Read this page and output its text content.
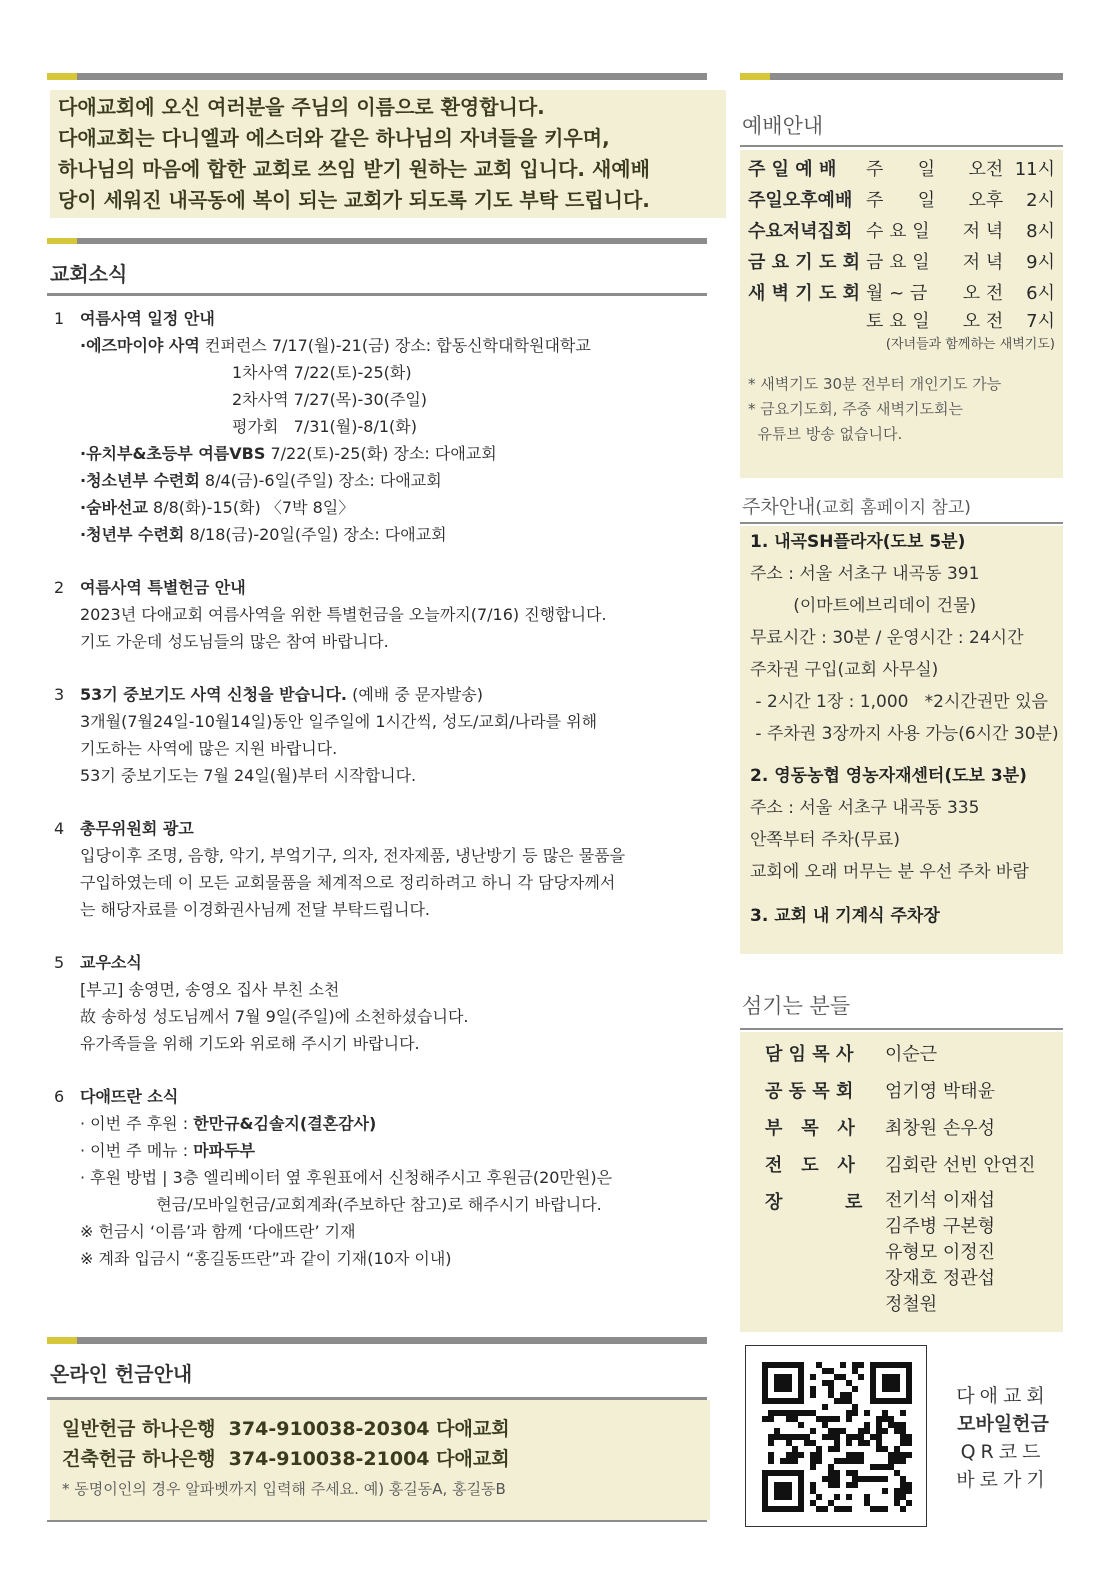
다애교회에 오신 여러분을 주님의 이름으로 환영합니다.
다애교회는 다니엘과 에스더와 같은 하나님의 자녀들을 키우며,
하나님의 마음에 합한 교회로 쓰임 받기 원하는 교회 입니다. 새예배
당이 세워진 내곡동에 복이 되는 교회가 되도록 기도 부탁 드립니다.
교회소식
1 여름사역 일정 안내
·에즈마이야 사역 컨퍼런스 7/17(월)-21(금) 장소: 합동신학대학원대학교
1차사역 7/22(토)-25(화)
2차사역 7/27(목)-30(주일)
평가회   7/31(월)-8/1(화)
·유치부&초등부 여름VBS 7/22(토)-25(화) 장소: 다애교회
·청소년부 수련회 8/4(금)-6일(주일) 장소: 다애교회
·숨바선교 8/8(화)-15(화) 〈7박 8일〉
·청년부 수련회 8/18(금)-20일(주일) 장소: 다애교회
2 여름사역 특별헌금 안내
2023년 다애교회 여름사역을 위한 특별헌금을 오늘까지(7/16) 진행합니다.
기도 가운데 성도님들의 많은 참여 바랍니다.
3 53기 중보기도 사역 신청을 받습니다. (예배 중 문자발송)
3개월(7월24일-10월14일)동안 일주일에 1시간씩, 성도/교회/나라를 위해
기도하는 사역에 많은 지원 바랍니다.
53기 중보기도는 7월 24일(월)부터 시작합니다.
4 총무위원회 광고
입당이후 조명, 음향, 악기, 부엌기구, 의자, 전자제품, 냉난방기 등 많은 물품을
구입하였는데 이 모든 교회물품을 체계적으로 정리하려고 하니 각 담당자께서
는 해당자료를 이경화권사님께 전달 부탁드립니다.
5 교우소식
[부고] 송영면, 송영오 집사 부친 소천
故 송하성 성도님께서 7월 9일(주일)에 소천하셨습니다.
유가족들을 위해 기도와 위로해 주시기 바랍니다.
6 다애뜨란 소식
· 이번 주 후원 : 한만규&김솔지(결혼감사)
· 이번 주 메뉴 : 마파두부
· 후원 방법 | 3층 엘리베이터 옆 후원표에서 신청해주시고 후원금(20만원)은
현금/모바일헌금/교회계좌(주보하단 참고)로 해주시기 바랍니다.
※ 헌금시 ‘이름’과 함께 ‘다애뜨란’ 기재
※ 계좌 입금시 “홍길동뜨란”과 같이 기재(10자 이내)
온라인 헌금안내
일반헌금 하나은행  374-910038-20304 다애교회
건축헌금 하나은행  374-910038-21004 다애교회
* 동명이인의 경우 알파벳까지 입력해 주세요. 예) 홍길동A, 홍길동B
예배안내
주 일 예 배	주      일	오전  11시
주일오후예배	주      일	오후    2시
수요저녁집회	수 요 일	저 녁    8시
금 요 기 도 회	금 요 일	저 녁    9시
새 벽 기 도 회	월 ~ 금	오 전    6시
	토 요 일	오 전    7시
(자녀들과 함께하는 새벽기도)
* 새벽기도 30분 전부터 개인기도 가능
* 금요기도회, 주중 새벽기도회는
유튜브 방송 없습니다.
주차안내(교회 홈페이지 참고)
1. 내곡SH플라자(도보 5분)
주소 : 서울 서초구 내곡동 391
(이마트에브리데이 건물)
무료시간 : 30분 / 운영시간 : 24시간
주차권 구입(교회 사무실)
- 2시간 1장 : 1,000   *2시간권만 있음
- 주차권 3장까지 사용 가능(6시간 30분)
2. 영동농협 영농자재센터(도보 3분)
주소 : 서울 서초구 내곡동 335
안쪽부터 주차(무료)
교회에 오래 머무는 분 우선 주차 바람
3. 교회 내 기계식 주차장
섬기는 분들
담 임 목 사	이순근
공 동 목 회	엄기영 박태윤
부   목   사	최창원 손우성
전   도   사	김회란 선빈 안연진
장          로	전기석 이재섭
김주병 구본형
유형모 이정진
장재호 정관섭
정철원
다애교회
모바일헌금
QR코드
바로가기
